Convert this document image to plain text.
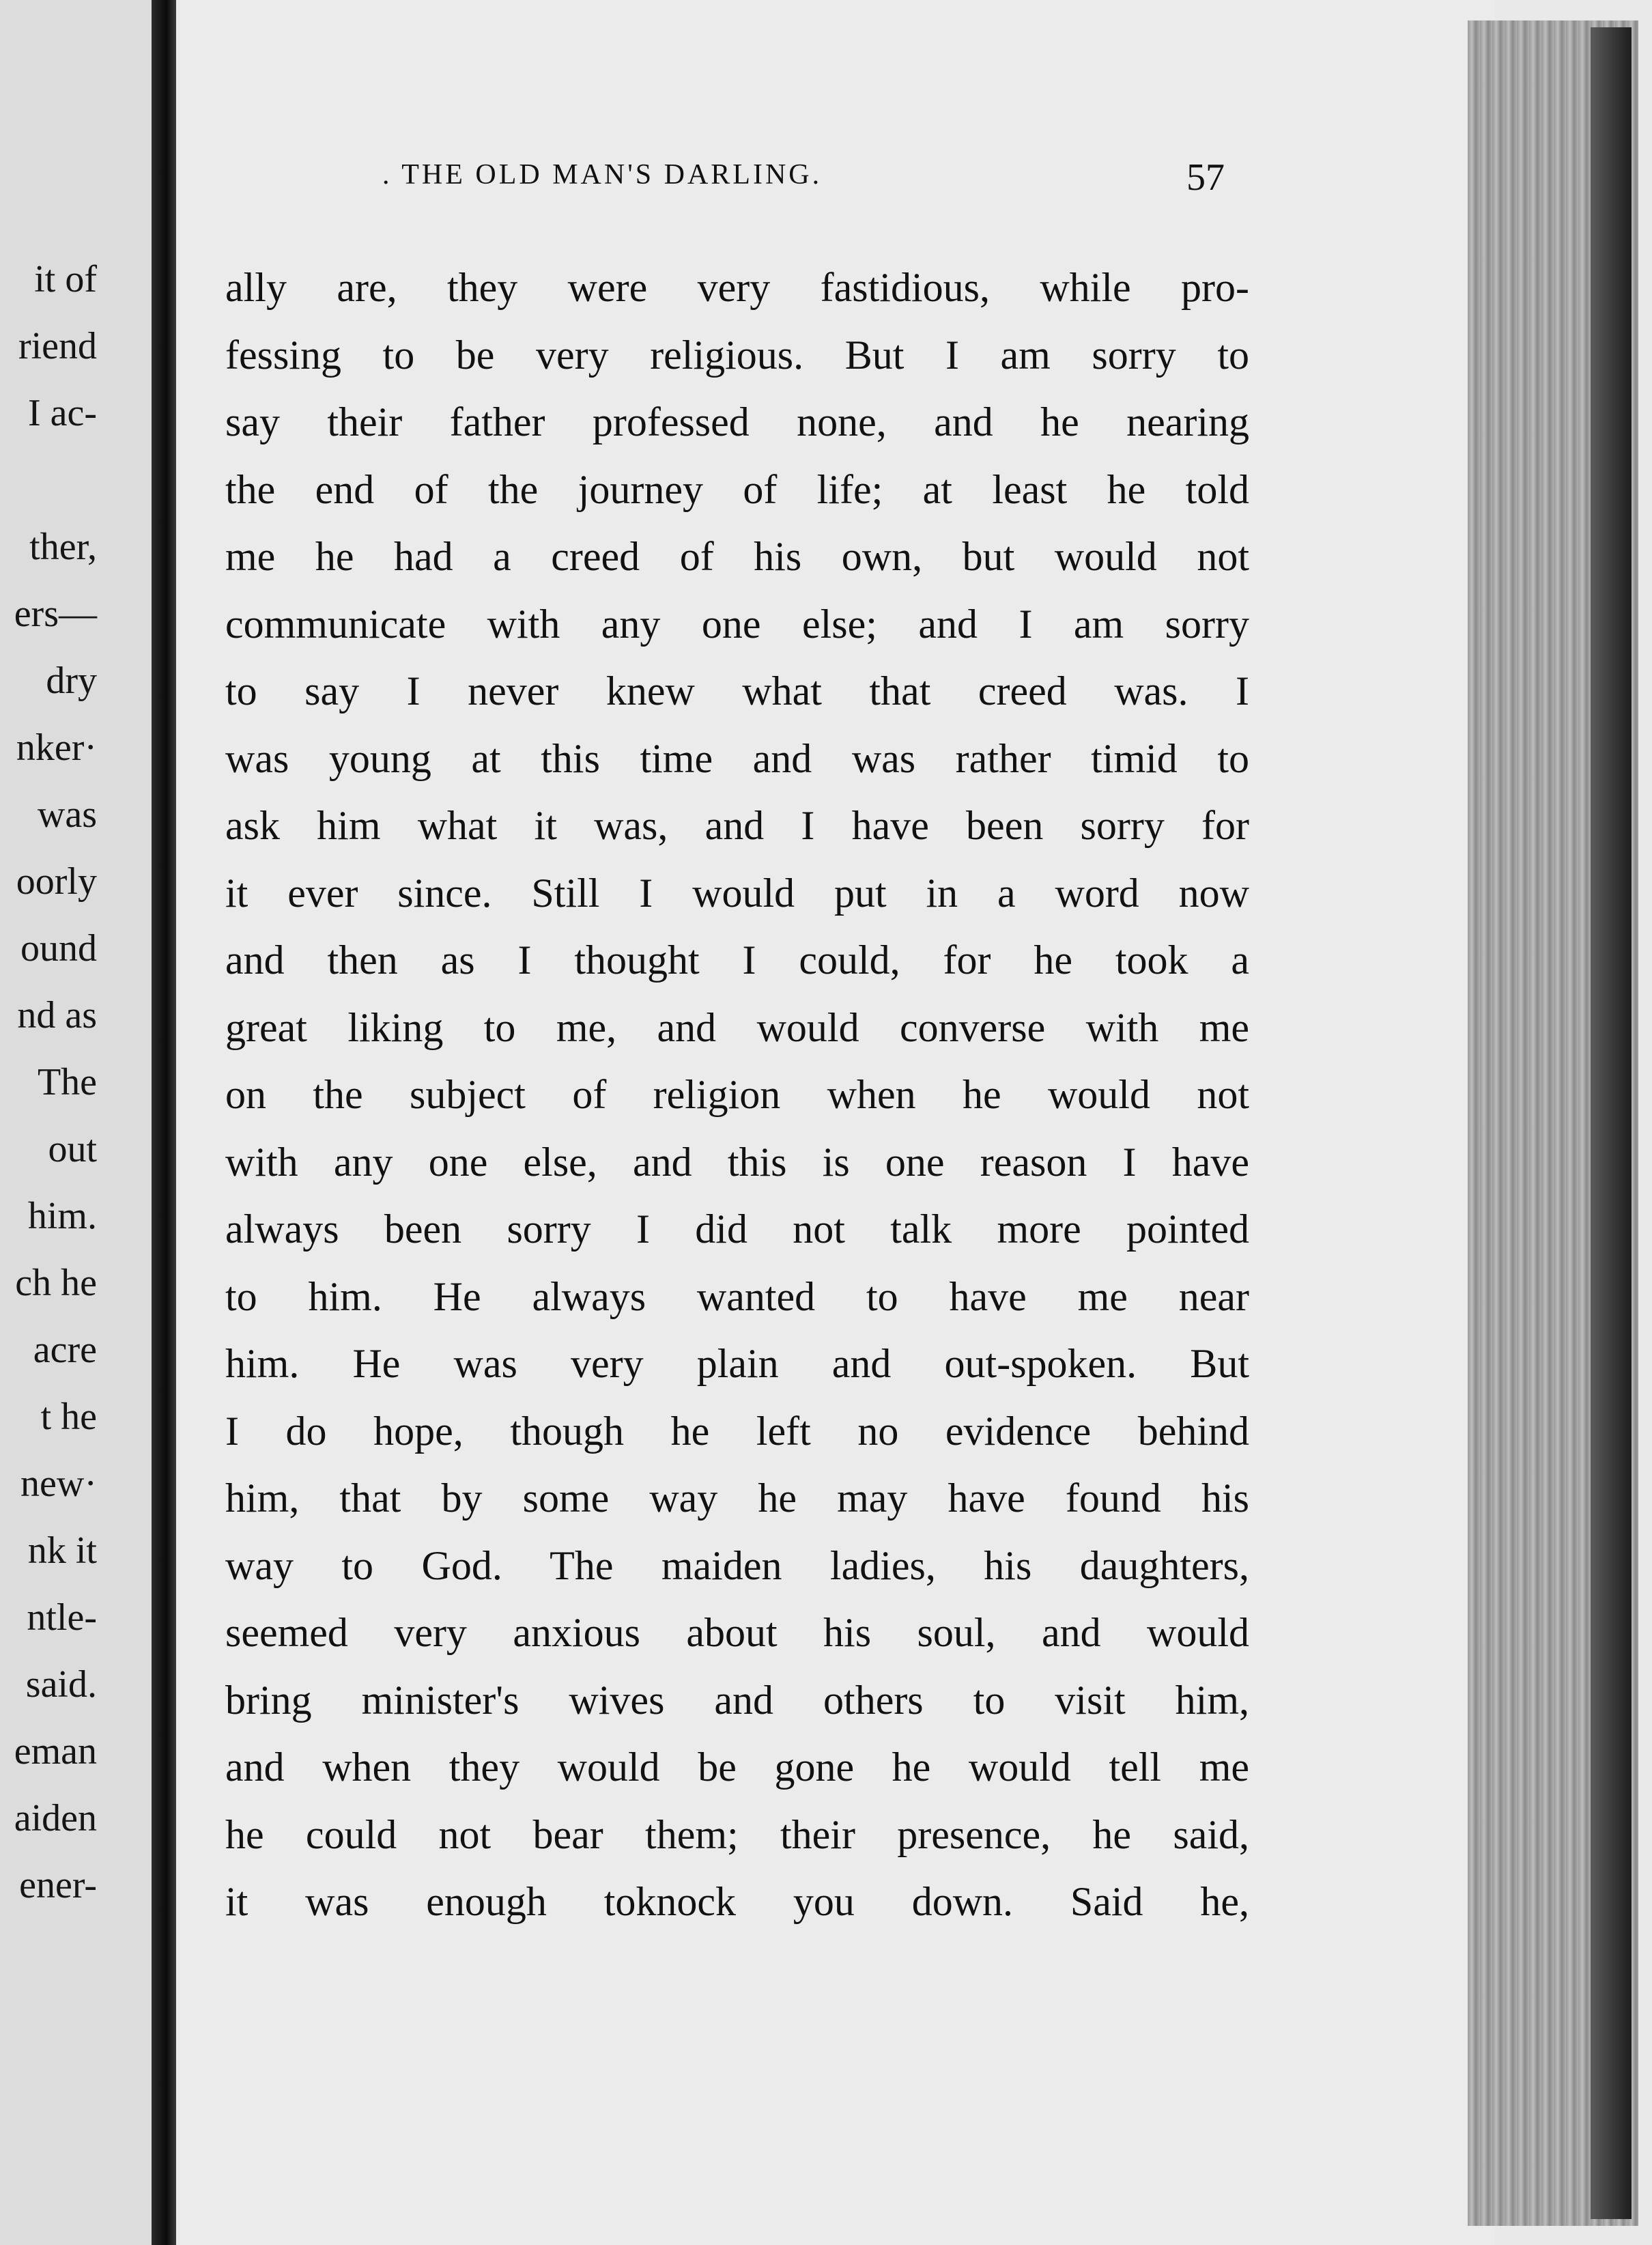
it of
riend
I ac-
ther,
ers—
dry
nker·
was
oorly
ound
nd as
The
out
him.
ch he
acre
t he
new·
nk it
ntle-
said.
eman
aiden
ener-
. THE OLD MAN'S DARLING.	57
ally are, they were very fastidious, while pro-
fessing to be very religious. But I am sorry to
say their father professed none, and he nearing
the end of the journey of life; at least he told
me he had a creed of his own, but would not
communicate with any one else; and I am sorry
to say I never knew what that creed was. I
was young at this time and was rather timid to
ask him what it was, and I have been sorry for
it ever since. Still I would put in a word now
and then as I thought I could, for he took a
great liking to me, and would converse with me
on the subject of religion when he would not
with any one else, and this is one reason I have
always been sorry I did not talk more pointed
to him. He always wanted to have me near
him. He was very plain and out-spoken. But
I do hope, though he left no evidence behind
him, that by some way he may have found his
way to God. The maiden ladies, his daughters,
seemed very anxious about his soul, and would
bring minister's wives and others to visit him,
and when they would be gone he would tell me
he could not bear them; their presence, he said,
it was enough toknock you down. Said he,
